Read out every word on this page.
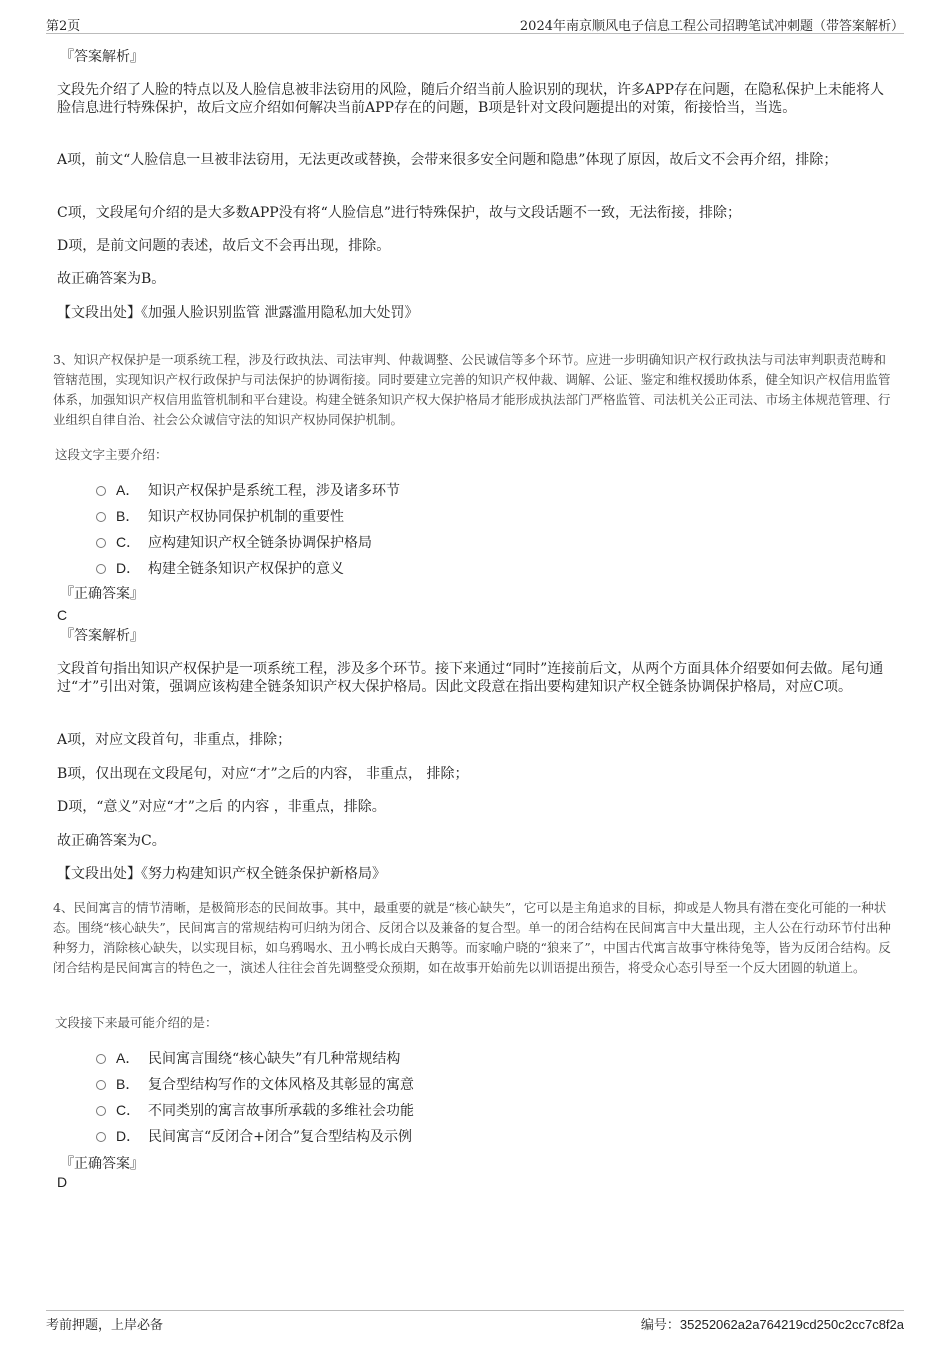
第2页	2024年南京顺风电子信息工程公司招聘笔试冲刺题（带答案解析）
『答案解析』

文段先介绍了人脸的特点以及人脸信息被非法窃用的风险，随后介绍当前人脸识别的现状，许多APP存在问题，在隐私保护上未能将人脸信息进行特殊保护，故后文应介绍如何解决当前APP存在的问题，B项是针对文段问题提出的对策，衔接恰当，当选。

A项，前文“人脸信息一旦被非法窃用，无法更改或替换，会带来很多安全问题和隐患”体现了原因，故后文不会再介绍，排除；

C项，文段尾句介绍的是大多数APP没有将“人脸信息”进行特殊保护，故与文段话题不一致，无法衔接，排除；

D项，是前文问题的表述，故后文不会再出现，排除。

故正确答案为B。

【文段出处】《加强人脸识别监管 泄露滥用隐私加大处罚》

3、知识产权保护是一项系统工程，涉及行政执法、司法审判、仲裁调整、公民诚信等多个环节。应进一步明确知识产权行政执法与司法审判职责范畴和管辖范围，实现知识产权行政保护与司法保护的协调衔接。同时要建立完善的知识产权仲裁、调解、公证、鉴定和维权援助体系，健全知识产权信用监管体系，加强知识产权信用监管机制和平台建设。构建全链条知识产权大保护格局才能形成执法部门严格监管、司法机关公正司法、市场主体规范管理、行业组织自律自治、社会公众诚信守法的知识产权协同保护机制。

这段文字主要介绍：

A． 知识产权保护是系统工程，涉及诸多环节
B． 知识产权协同保护机制的重要性
C． 应构建知识产权全链条协调保护格局
D． 构建全链条知识产权保护的意义
『正确答案』
C
『答案解析』

文段首句指出知识产权保护是一项系统工程，涉及多个环节。接下来通过“同时”连接前后文，从两个方面具体介绍要如何去做。尾句通过“才”引出对策，强调应该构建全链条知识产权大保护格局。因此文段意在指出要构建知识产权全链条协调保护格局，对应C项。

A项，对应文段首句，非重点，排除；

B项，仅出现在文段尾句，对应“才”之后的内容， 非重点， 排除；

D项，“意义”对应“才”之后 的内容 ，非重点，排除。

故正确答案为C。

【文段出处】《努力构建知识产权全链条保护新格局》

4、民间寓言的情节清晰，是极简形态的民间故事。其中，最重要的就是“核心缺失”，它可以是主角追求的目标，抑或是人物具有潜在变化可能的一种状态。围绕“核心缺失”，民间寓言的常规结构可归纳为闭合、反闭合以及兼备的复合型。单一的闭合结构在民间寓言中大量出现，主人公在行动环节付出种种努力，消除核心缺失，以实现目标，如乌鸦喝水、丑小鸭长成白天鹅等。而家喻户晓的“狼来了”，中国古代寓言故事守株待兔等，皆为反闭合结构。反闭合结构是民间寓言的特色之一，演述人往往会首先调整受众预期，如在故事开始前先以训语提出预告，将受众心态引导至一个反大团圆的轨道上。

文段接下来最可能介绍的是：

A． 民间寓言围绕“核心缺失”有几种常规结构
B． 复合型结构写作的文体风格及其彰显的寓意
C． 不同类别的寓言故事所承载的多维社会功能
D． 民间寓言“反闭合+闭合”复合型结构及示例
『正确答案』
D
考前押题，上岸必备	编号：35252062a2a764219cd250c2cc7c8f2a
